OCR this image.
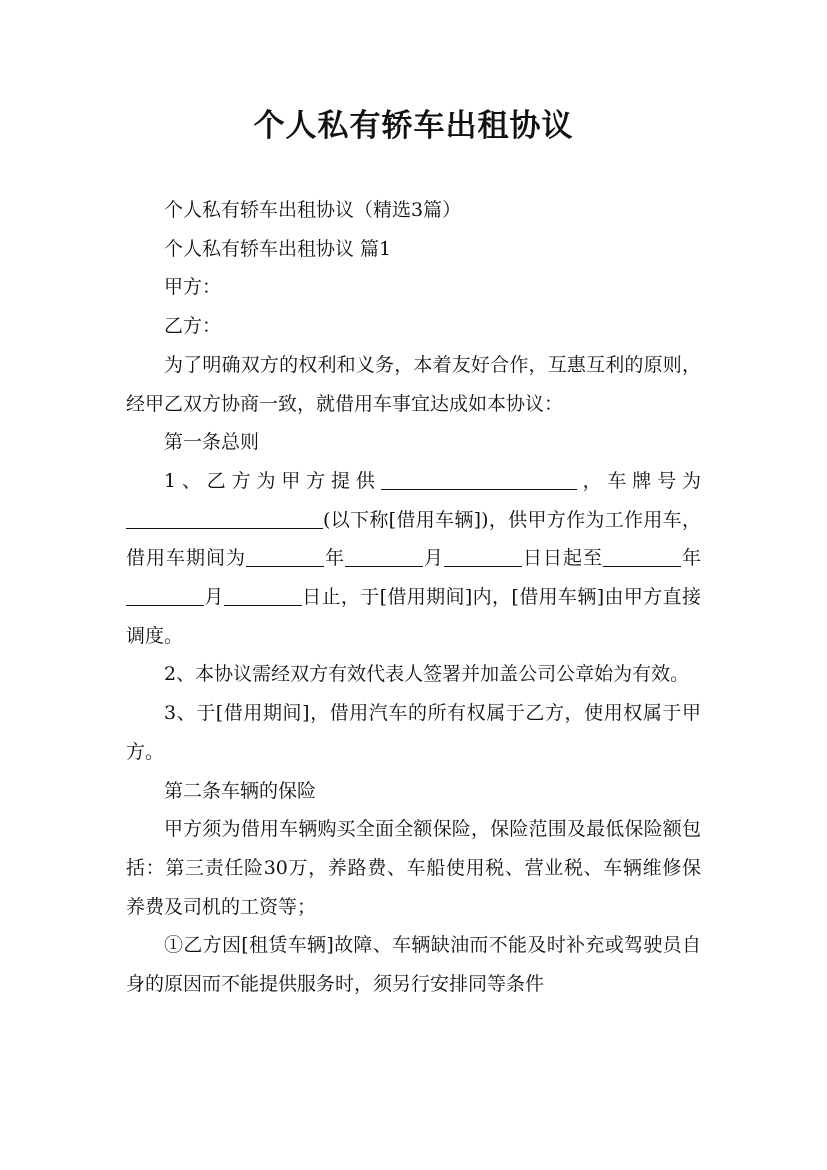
个人私有轿车出租协议

个人私有轿车出租协议（精选3篇）

个人私有轿车出租协议 篇1

甲方：

乙方：

为了明确双方的权利和义务，本着友好合作，互惠互利的原则，经甲乙双方协商一致，就借用车事宜达成如本协议：

第一条总则

1、乙方为甲方提供	，车牌号为(以下称[借用车辆])，供甲方作为工作用车，借用车期间为	年	月	日日起至	年月	日止，于[借用期间]内，[借用车辆]由甲方直接调度。

2、本协议需经双方有效代表人签署并加盖公司公章始为有效。

3、于[借用期间]，借用汽车的所有权属于乙方，使用权属于甲方。

第二条车辆的保险

甲方须为借用车辆购买全面全额保险，保险范围及最低保险额包括：第三责任险30万，养路费、车船使用税、营业税、车辆维修保养费及司机的工资等；

①乙方因[租赁车辆]故障、车辆缺油而不能及时补充或驾驶员自身的原因而不能提供服务时，须另行安排同等条件
